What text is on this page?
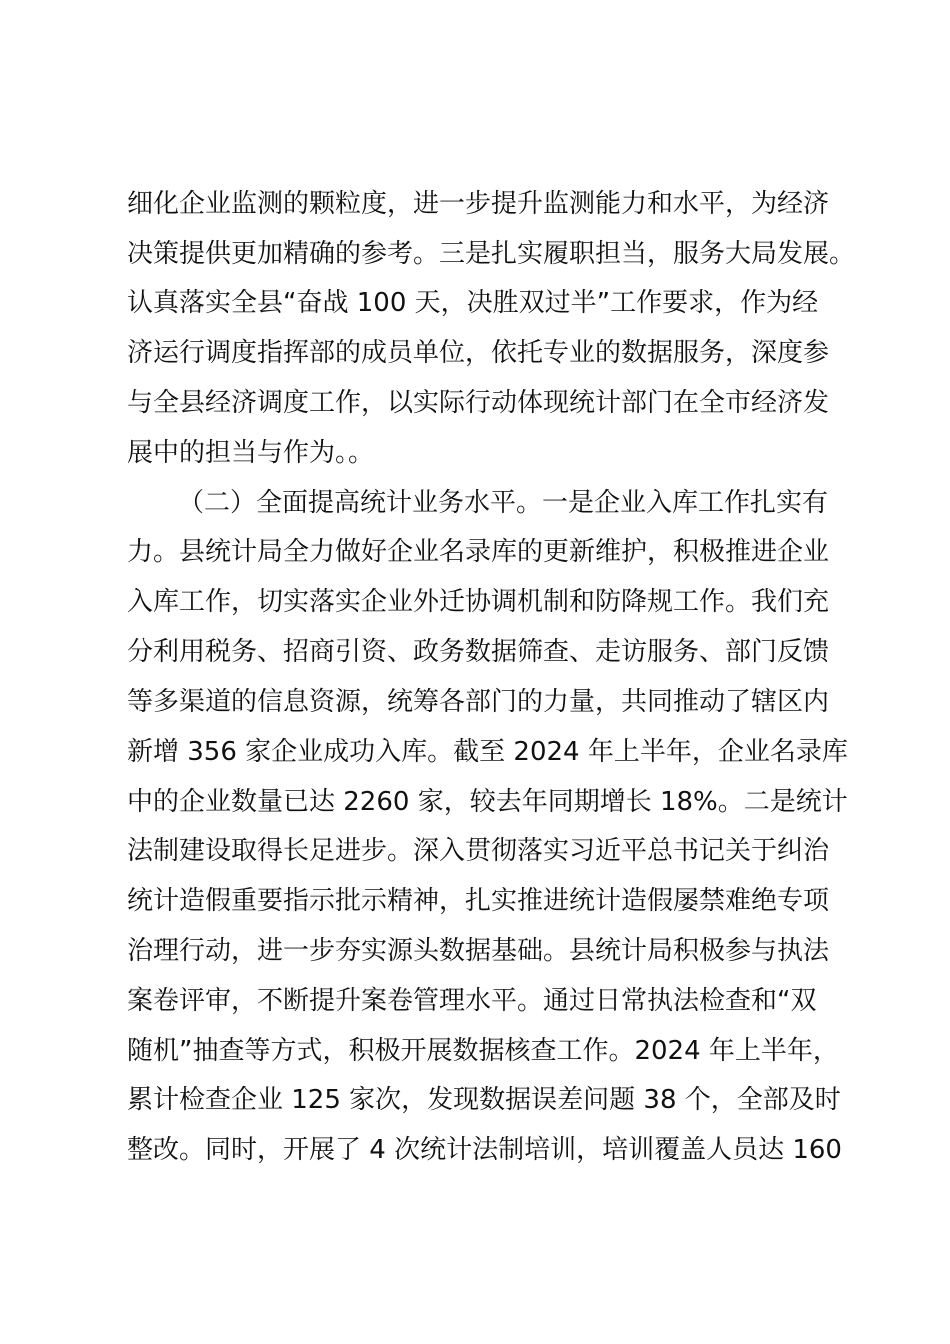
细化企业监测的颗粒度，进一步提升监测能力和水平，为经济
决策提供更加精确的参考。三是扎实履职担当，服务大局发展。
认真落实全县“奋战 100 天，决胜双过半”工作要求，作为经
济运行调度指挥部的成员单位，依托专业的数据服务，深度参
与全县经济调度工作，以实际行动体现统计部门在全市经济发
展中的担当与作为。。
（二）全面提高统计业务水平。一是企业入库工作扎实有
力。县统计局全力做好企业名录库的更新维护，积极推进企业
入库工作，切实落实企业外迁协调机制和防降规工作。我们充
分利用税务、招商引资、政务数据筛查、走访服务、部门反馈
等多渠道的信息资源，统筹各部门的力量，共同推动了辖区内
新增 356 家企业成功入库。截至 2024 年上半年，企业名录库
中的企业数量已达 2260 家，较去年同期增长 18%。二是统计
法制建设取得长足进步。深入贯彻落实习近平总书记关于纠治
统计造假重要指示批示精神，扎实推进统计造假屡禁难绝专项
治理行动，进一步夯实源头数据基础。县统计局积极参与执法
案卷评审，不断提升案卷管理水平。通过日常执法检查和“双
随机”抽查等方式，积极开展数据核查工作。2024 年上半年，
累计检查企业 125 家次，发现数据误差问题 38 个，全部及时
整改。同时，开展了 4 次统计法制培训，培训覆盖人员达 160
